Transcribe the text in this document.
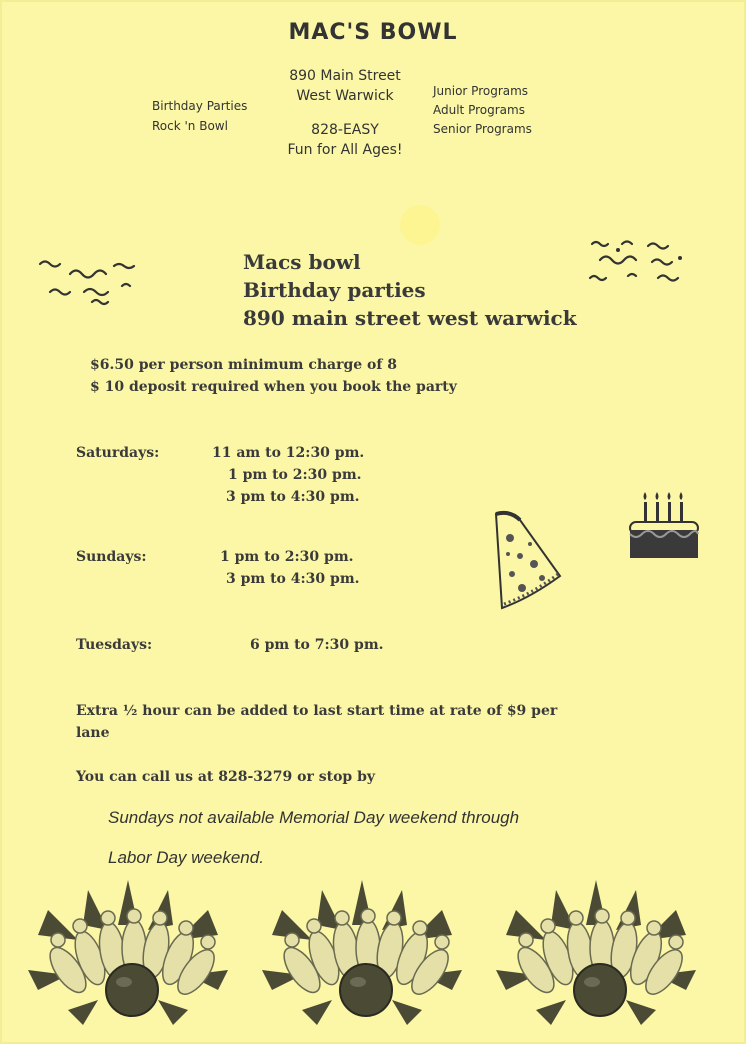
MAC'S BOWL
Birthday Parties
Rock 'n Bowl
890 Main Street
West Warwick
828-EASY
Fun for All Ages!
Junior Programs
Adult Programs
Senior Programs
Macs bowl
Birthday parties
890 main street west warwick
$6.50 per person minimum charge of 8
$ 10 deposit required when you book the party
Saturdays:	11 am to 12:30 pm.
1 pm to 2:30 pm.
3 pm to 4:30 pm.
Sundays:	1 pm to 2:30 pm.
3 pm to 4:30 pm.
Tuesdays:	6 pm to 7:30 pm.
Extra ½ hour can be added to last start time at rate of $9 per
lane
You can call us at 828-3279 or stop by
Sundays not available Memorial Day weekend through
Labor Day weekend.
